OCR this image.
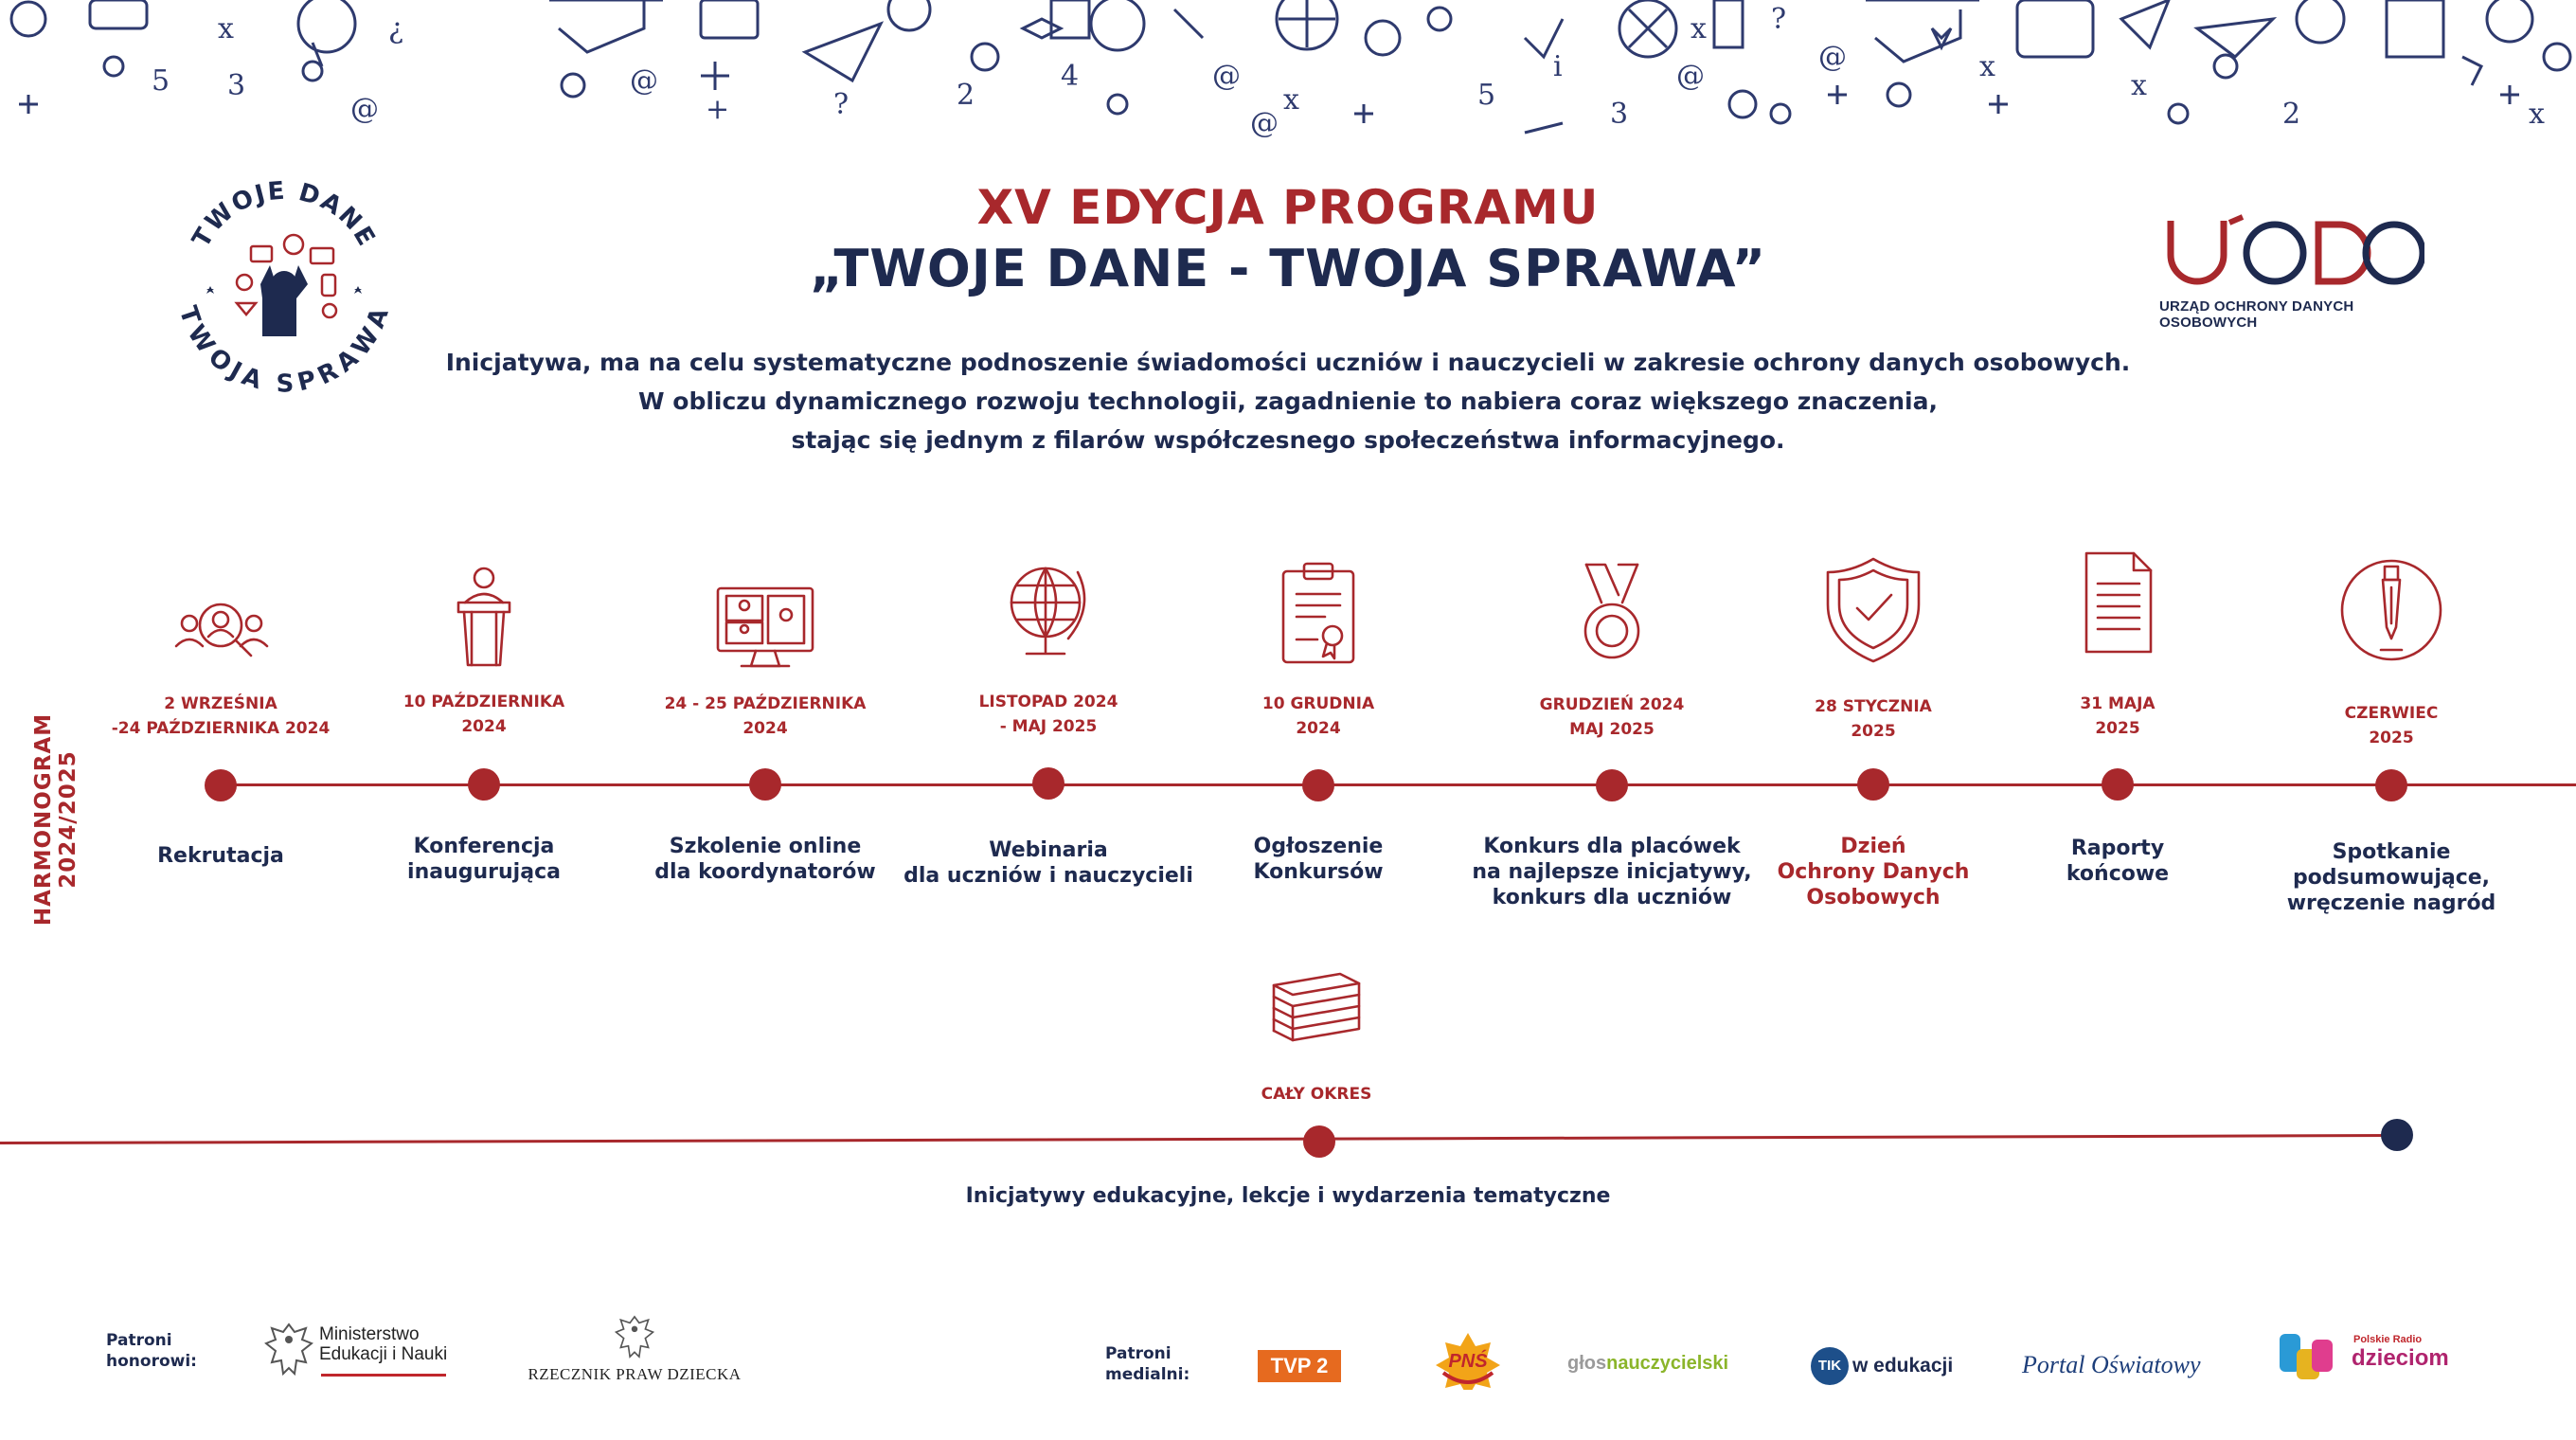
x
5 3
¿
@
@
+	?	2
4	@
@
x	5
i
3
@
x ?
@	x
x
2	x
TWOJE DANE
TWOJA SPRAWA	URZĄD OCHRONY DANYCH OSOBOWYCH
XV EDYCJA PROGRAMU
„TWOJE DANE - TWOJA SPRAWA”
Inicjatywa, ma na celu systematyczne podnoszenie świadomości uczniów i nauczycieli w zakresie ochrony danych osobowych.
W obliczu dynamicznego rozwoju technologii, zagadnienie to nabiera coraz większego znaczenia,
stając się jednym z filarów współczesnego społeczeństwa informacyjnego.
HARMONOGRAM 2024/2025
2 WRZEŚNIA
-24 PAŹDZIERNIKA 2024
Rekrutacja
10 PAŹDZIERNIKA
2024
Konferencja
inaugurująca
24 - 25 PAŹDZIERNIKA
2024
Szkolenie online
dla koordynatorów
LISTOPAD 2024
- MAJ 2025
Webinaria
dla uczniów i nauczycieli
10 GRUDNIA
2024
Ogłoszenie
Konkursów
GRUDZIEŃ 2024
MAJ 2025
Konkurs dla placówek
na najlepsze inicjatywy,
konkurs dla uczniów
28 STYCZNIA
2025
Dzień
Ochrony Danych
Osobowych
31 MAJA
2025
Raporty
końcowe
CZERWIEC
2025
Spotkanie
podsumowujące,
wręczenie nagród
CAŁY OKRES
Inicjatywy edukacyjne, lekcje i wydarzenia tematyczne
Patroni
honorowi:
Ministerstwo
Edukacji i Nauki
RZECZNIK PRAW DZIECKA
Patroni
medialni:	TVP 2	PNŚ	głosnauczycielski	TIK w edukacji	Portal Oświatowy
Polskie Radio
dzieciom
